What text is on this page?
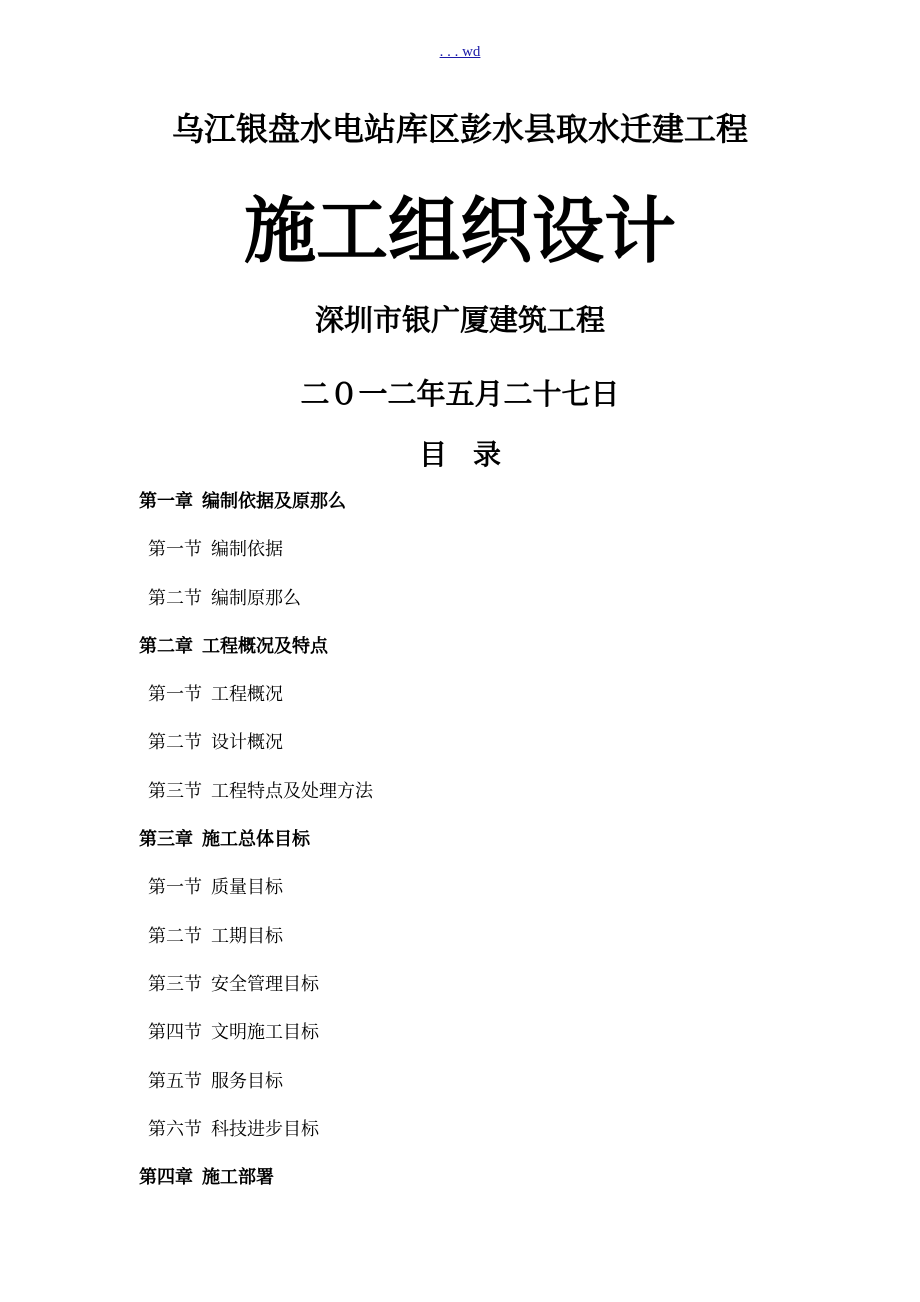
. . . wd
乌江银盘水电站库区彭水县取水迁建工程
施工组织设计
深圳市银广厦建筑工程
二０一二年五月二十七日
目录
第一章 编制依据及原那么
第一节 编制依据
第二节 编制原那么
第二章 工程概况及特点
第一节 工程概况
第二节 设计概况
第三节 工程特点及处理方法
第三章 施工总体目标
第一节 质量目标
第二节 工期目标
第三节 安全管理目标
第四节 文明施工目标
第五节 服务目标
第六节 科技进步目标
第四章 施工部署
